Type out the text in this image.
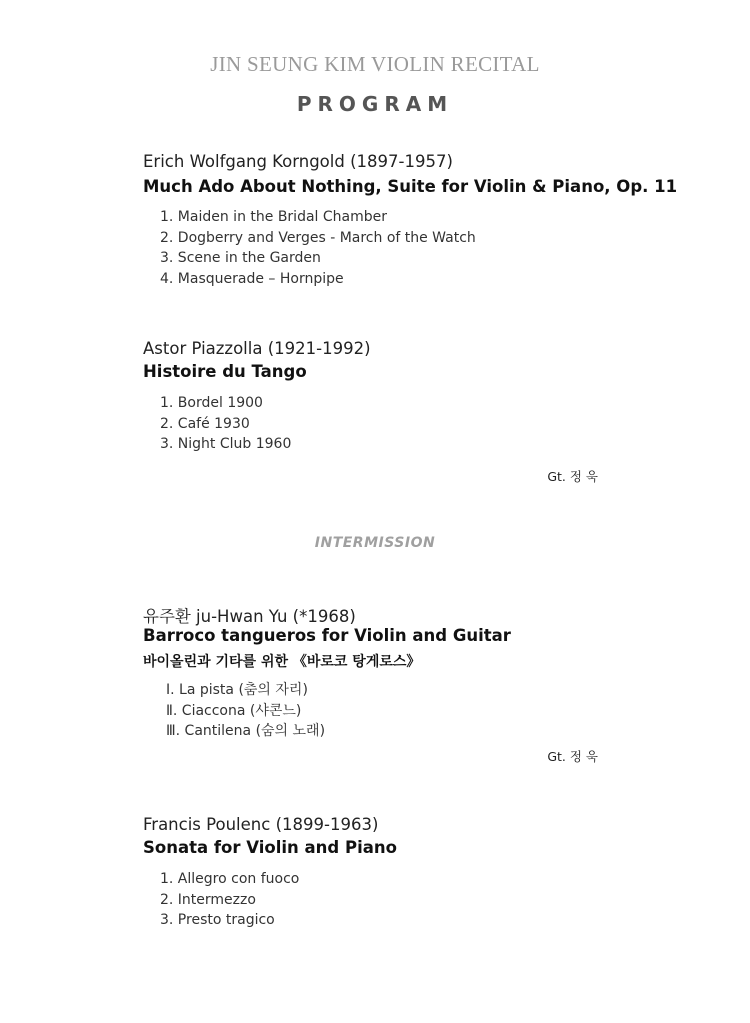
JIN SEUNG KIM VIOLIN RECITAL
PROGRAM
Erich Wolfgang Korngold (1897-1957)
Much Ado About Nothing, Suite for Violin & Piano, Op. 11
1. Maiden in the Bridal Chamber
2. Dogberry and Verges - March of the Watch
3. Scene in the Garden
4. Masquerade – Hornpipe
Astor Piazzolla (1921-1992)
Histoire du Tango
1. Bordel 1900
2. Café 1930
3. Night Club 1960
Gt. 정 욱
INTERMISSION
유주환 ju-Hwan Yu (*1968)
Barroco tangueros for Violin and Guitar
바이올린과 기타를 위한 《바로코 탕게로스》
Ⅰ. La pista (춤의 자리)
Ⅱ. Ciaccona (샤콘느)
Ⅲ. Cantilena (숨의 노래)
Gt. 정 욱
Francis Poulenc (1899-1963)
Sonata for Violin and Piano
1. Allegro con fuoco
2. Intermezzo
3. Presto tragico
